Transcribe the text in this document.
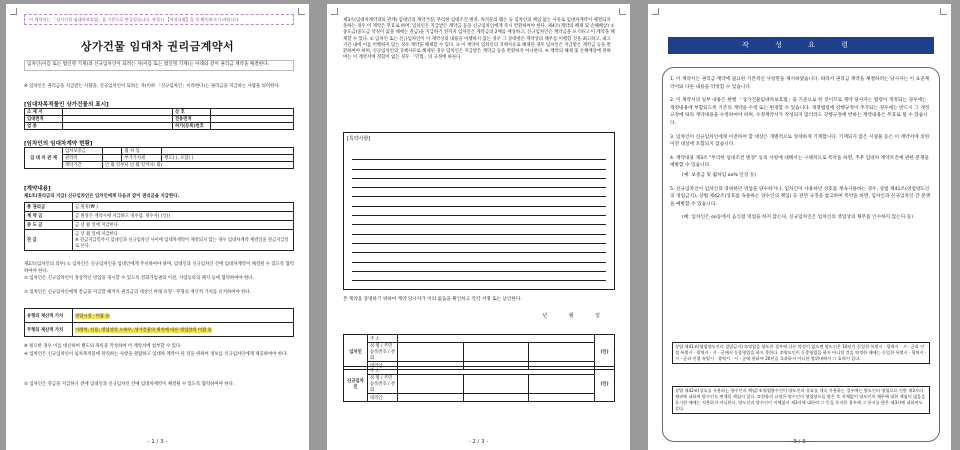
이 계약서는 「상가건물 임대차보호법」을 기준으로 만들었습니다. 작성시 【작성요령】을 꼭 확인하시기 바랍니다.
상가건물 임대차 권리금계약서
임차인(이름 또는 법인명 기재)과 신규임차인이 되려는 자(이름 또는 법인명 기재)는 아래와 같이 권리금 계약을 체결한다.
※ 임차인은 권리금을 지급받는 사람을, 신규임차인이 되려는 자(이하 「신규임차인」이라한다)는 권리금을 지급하는 사람을 의미한다.
[임대차목적물인 상가건물의 표시]
소 재 지		상 호	
임대면적		전용면적	
업 종		허가(등록)번호	
[임차인의 임대차계약 현황]
임 대 차 관 계	임차보증금		월 차 임	
	관리비		부가가치세	별도( ), 포함( )
	계약기간	년 월 일부터 년 월 일까지( 월)		
[계약내용]
제1조(권리금의 지급) 신규임차인은 임차인에게 다음과 같이 권리금을 지급한다.
총 권리금	금 원정(₩ )
계 약 금	금 원정은 계약시에 지급하고 영수함. 영수자( (인))
중 도 금	금 년 월 일에 지급한다.
잔 금	금 년 월 일에 지급한다.
※ 잔금지급일까지 임대인과 신규임차인 사이에 임대차계약이 체결되지 않는 경우 임대차계약 체결일을 잔금지급일로 본다.
제2조(임차인의 의무) ① 임차인은 신규임차인을 임대인에게 주선하여야 하며, 임대인과 신규임차인 간에 임대차계약이 체결될 수 있도록 협력하여야 한다.
② 임차인은 신규임차인이 정상적인 영업을 개시할 수 있도록 전화가입권의 이전, 사업등록의 폐지 등에 협력하여야 한다.
③ 임차인은 신규임차인에게 잔금을 지급할 때까지 권리금의 대상인 아래 유형 · 무형의 재산적 가치를 유지하여야 한다.
유형의 재산적 가치	영업시설 · 비품 등
무형의 재산적 가치	거래처, 신용, 영업상의 노하우, 상가건물의 위치에 따른 영업상의 이점 등
※ 필요한 경우 이를 대신하여 별도의 목록을 작성하여 이 계약서에 첨부할 수 있다.
④ 임차인은 신규임차인이 임차목적물에 관리하는 사항을 열람하고 임대차 계약이 된 것을 위하여 정보를 신규임차인에게 제공하여야 한다.
⑤ 임차인은 잔금을 지급하기 전에 임대인과 신규임차인 간에 임대차계약이 체결될 수 있도록 협력하여야 한다.
- 1 / 3 -
제3조(임대차계약과의 관계) 임대인의 계약거절, 무리한 임대조건 변경, 목적물의 훼손 등 임차인의 책임 없는 사유로 임대차계약이 체결되지 못하는 경우 이 계약은 무효로 하며, 임차인은 지급받은 계약금 등을 신규임차인에게 즉시 반환하여야 한다. 제4조(계약의 해제 및 손해배상) ① 중도금(중도금 약정이 없을 때에는 잔금)을 지급하기 전까지 임차인은 계약금의 2배를 배상하고, 신규임차인은 계약금을 포기하고 이 계약을 해제할 수 있다. ② 임차인 또는 신규임차인이 이 계약상의 내용을 이행하지 않는 경우 그 상대방은 계약상의 채무를 이행할 것을 최고하고, 최고기간 내에 이를 이행하지 않는 경우 계약을 해제할 수 있다. ③ 이 계약이 임차인의 귀책사유로 해제된 경우 임차인은 지급받은 계약금 등을 반환하여야 하며, 신규임차인의 귀책사유로 해제된 경우 임차인은 지급받은 계약금 등을 반환하지 아니한다. ④ 계약의 해제 및 손해배상에 관하여는 이 계약서에 정함이 없는 경우 「민법」의 규정에 따른다.
[특약사항]
본 계약을 증명하기 위하여 계약 당사자가 이의 없음을 확인하고 각각 서명 또는 날인한다.
년 월 일
임차인	주 소				(인)
	성 명 / 주민등록번호 / 전화				
	대리인				
신규임차인	주 소				(인)
	성 명 / 주민등록번호 / 전화				
	대리인				
- 2 / 3 -
작 성 요 령

1. 이 계약서는 권리금 계약에 필요한 기본적인 사항만을 제시하였습니다. 따라서 권리금 계약을 체결하려는 당사자는 이 표준계약서와 다른 내용을 약정할 수 있습니다.

2. 이 계약서의 일부 내용은 현행 「상가건물임대차보호법」을 기준으로 한 것이므로 계약 당사자는 법령이 개정되는 경우에는 개정내용에 부합되도록 기존의 계약을 수정 또는 변경할 수 있습니다. 개정법령에 강행규정이 추가되는 경우에는 반드시 그 개정규정에 따라 계약내용을 수정하여야 하며, 수정계약서가 작성되지 않더라도 강행규정에 반하는 계약내용은 무효로 될 수 있습니다.

3. 임차인이 신규임차인에게 이전하여 할 대상은 개별적으로 상세하게 기재합니다. 기재되지 않은 시설물 등은 이 계약서에 의한 이전 대상에 포함되지 않습니다.

4. 계약내용 제3조 "무리한 임대조건 변경" 등의 사항에 대해서는 구체적으로 특약을 하면, 추후 임대차 계약조건에 관한 분쟁을 예방할 수 있습니다.

(예: 보증금 및 월차임 oo% 인상 등)

5. 신규임차인이 임차인의 영위하던 영업을 양수하거나, 임차인이 사용하던 상호를 계속사용하는 경우, 상법 제41조(영업양도인의 경업금지), 상법 제42조(상호를 속용하는 양수인의 책임) 등 관련 규정을 참고하여 특약을 하면, 임차인과 신규임차인 간 분쟁을 예방할 수 있습니다.

(예: 임차인은 oo동에서 음식점 영업을 하지 않는다, 신규임차인은 임차인의 영업상의 채무를 인수하지 않는다 등)

상법 제41조(영업양도인의 경업금지) ①영업을 양도한 경우에 다른 약정이 없으면 양도인은 10년간 동일한 특별시 · 광역시 · 시 · 군과 인접 특별시 · 광역시 · 시 · 군에서 동종영업을 하지 못한다. ②양도인이 동종영업을 하지 아니할 것을 약정한 때에는 동일한 특별시 · 광역시 · 시 · 군과 인접 특별시 · 광역시 · 시 · 군에 한하여 20년을 초과하지 아니한 범위내에서 그 효력이 있다.
상법 제42조(상호를 속용하는 양수인의 책임) ①영업양수인이 양도인의 상호를 계속 사용하는 경우에는 양도인의 영업으로 인한 제3자의 채권에 대하여 양수인도 변제할 책임이 있다. ②전항의 규정은 양수인이 영업양도를 받은 후 지체없이 양도인의 채무에 대한 책임이 없음을 등기한 때에는 적용하지 아니한다. 양도인과 양수인이 지체없이 제3자에 대하여 그 뜻을 통지한 경우에 그 통지를 받은 제3자에 대하여도 같다.
- 3 / 3 -
